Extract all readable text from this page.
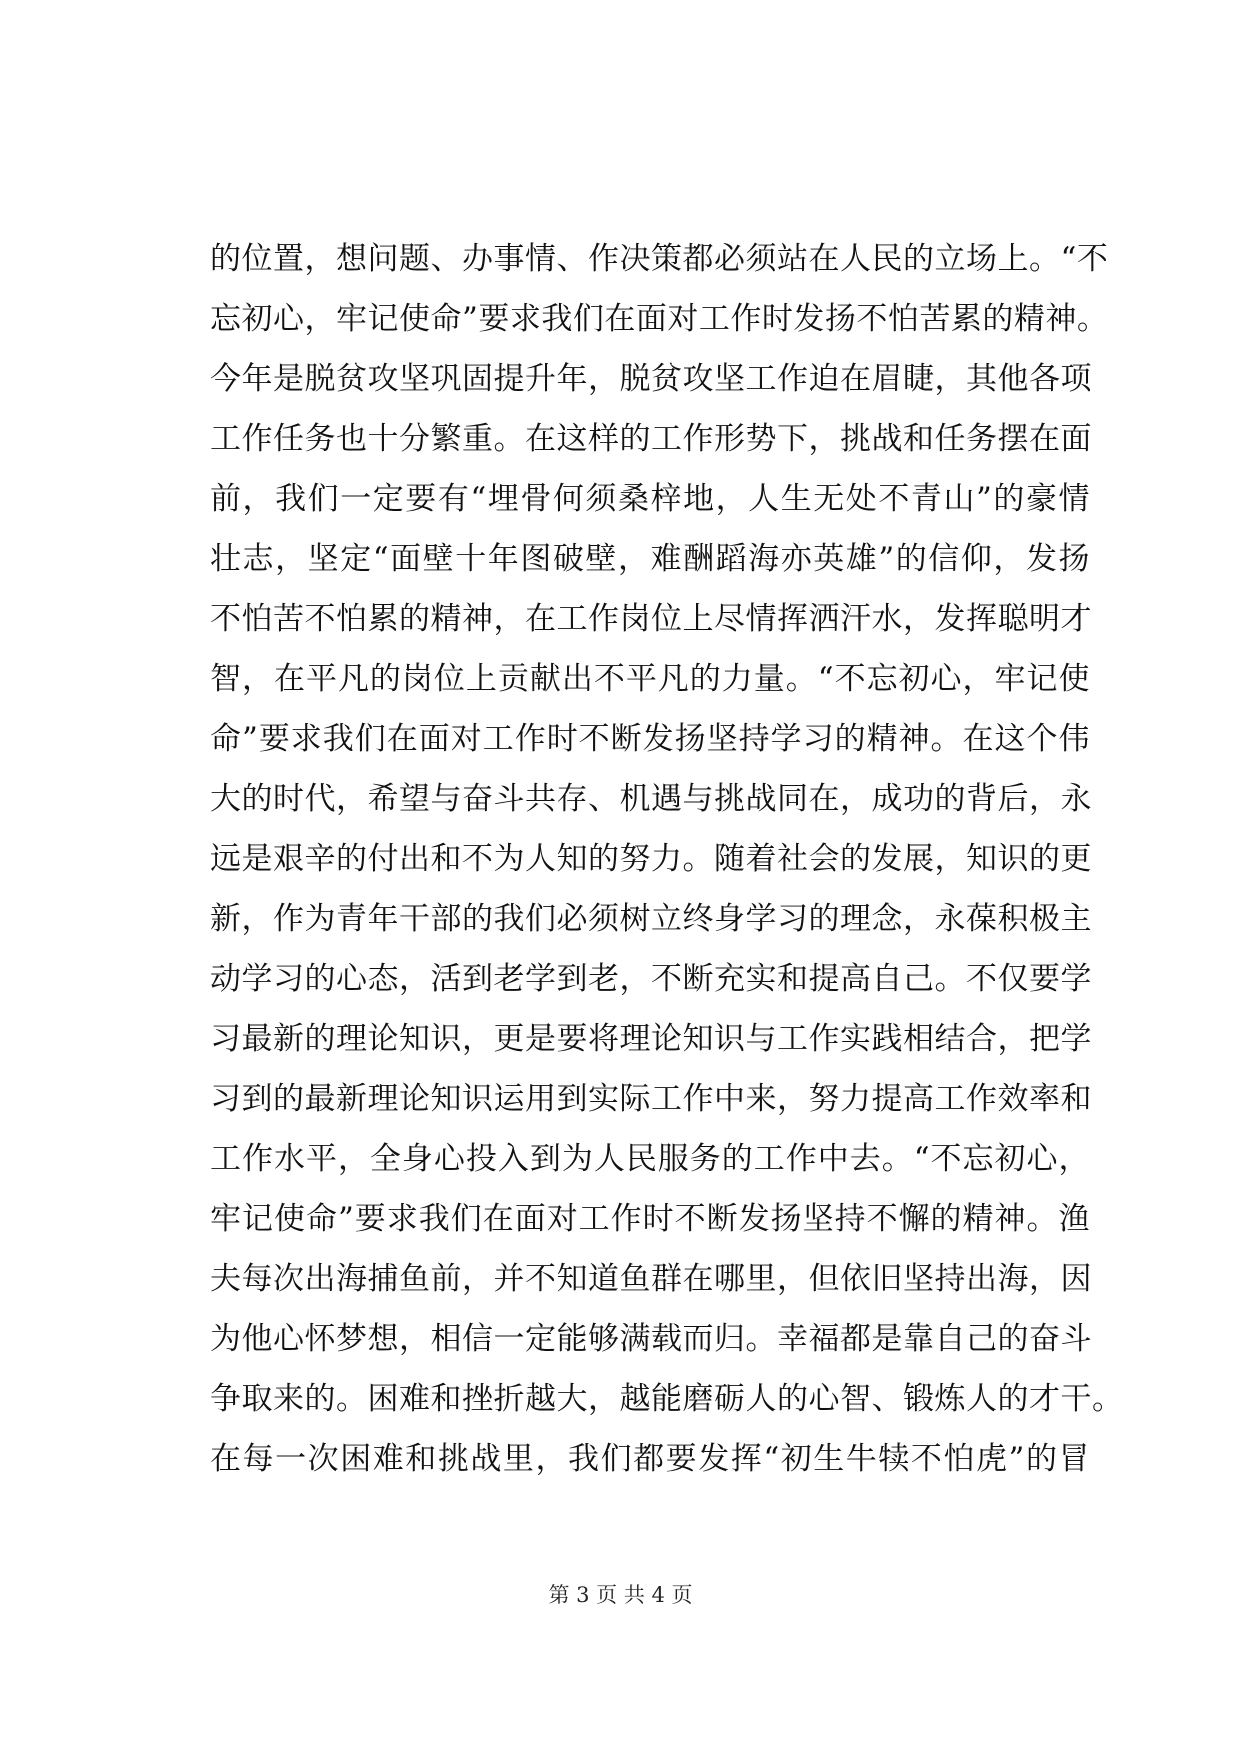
的位置，想问题、办事情、作决策都必须站在人民的立场上。“不
忘初心，牢记使命”要求我们在面对工作时发扬不怕苦累的精神。
今年是脱贫攻坚巩固提升年，脱贫攻坚工作迫在眉睫，其他各项
工作任务也十分繁重。在这样的工作形势下，挑战和任务摆在面
前，我们一定要有“埋骨何须桑梓地，人生无处不青山”的豪情
壮志，坚定“面壁十年图破壁，难酬蹈海亦英雄”的信仰，发扬
不怕苦不怕累的精神，在工作岗位上尽情挥洒汗水，发挥聪明才
智，在平凡的岗位上贡献出不平凡的力量。“不忘初心，牢记使
命”要求我们在面对工作时不断发扬坚持学习的精神。在这个伟
大的时代，希望与奋斗共存、机遇与挑战同在，成功的背后，永
远是艰辛的付出和不为人知的努力。随着社会的发展，知识的更
新，作为青年干部的我们必须树立终身学习的理念，永葆积极主
动学习的心态，活到老学到老，不断充实和提高自己。不仅要学
习最新的理论知识，更是要将理论知识与工作实践相结合，把学
习到的最新理论知识运用到实际工作中来，努力提高工作效率和
工作水平，全身心投入到为人民服务的工作中去。“不忘初心，
牢记使命”要求我们在面对工作时不断发扬坚持不懈的精神。渔
夫每次出海捕鱼前，并不知道鱼群在哪里，但依旧坚持出海，因
为他心怀梦想，相信一定能够满载而归。幸福都是靠自己的奋斗
争取来的。困难和挫折越大，越能磨砺人的心智、锻炼人的才干。
在每一次困难和挑战里，我们都要发挥“初生牛犊不怕虎”的冒
第 3 页 共 4 页
